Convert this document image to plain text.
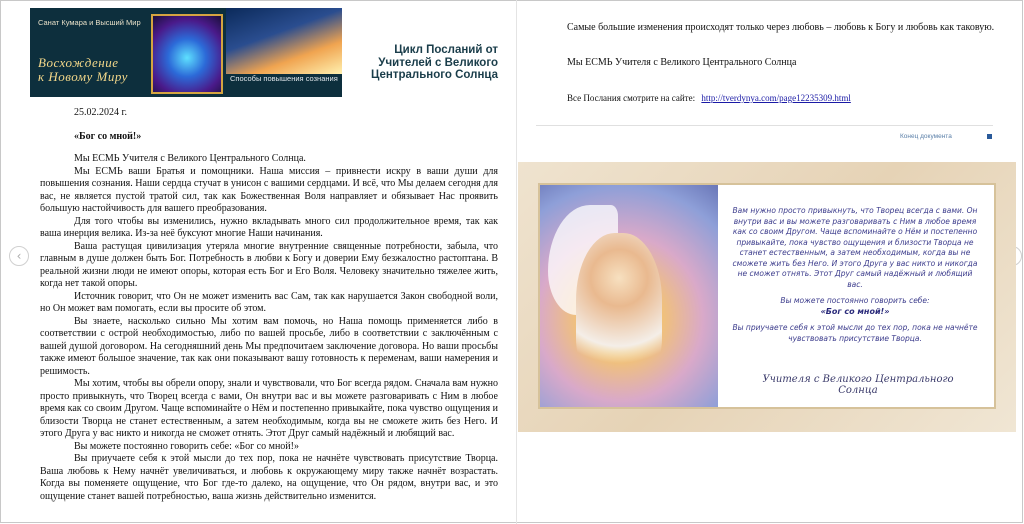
‹
Санат Кумара и Высший Мир
Восхождение
к Новому Миру	Способы повышения сознания
Цикл Посланий от Учителей с Великого Центрального Солнца
25.02.2024 г.
«Бог со мной!»

Мы ЕСМЬ Учителя с Великого Центрального Солнца.

Мы ЕСМЬ ваши Братья и помощники. Наша миссия – привнести искру в ваши души для повышения сознания. Наши сердца стучат в унисон с вашими сердцами. И всё, что Мы делаем сегодня для вас, не является пустой тратой сил, так как Божественная Воля направляет и обязывает Нас проявить большую настойчивость для вашего преобразования.

Для того чтобы вы изменились, нужно вкладывать много сил продолжительное время, так как ваша инерция велика. Из-за неё буксуют многие Наши начинания.

Ваша растущая цивилизация утеряла многие внутренние священные потребности, забыла, что главным в душе должен быть Бог. Потребность в любви к Богу и доверии Ему безжалостно растоптана. В реальной жизни люди не имеют опоры, которая есть Бог и Его Воля. Человеку значительно тяжелее жить, когда нет такой опоры.

Источник говорит, что Он не может изменить вас Сам, так как нарушается Закон свободной воли, но Он может вам помогать, если вы просите об этом.

Вы знаете, насколько сильно Мы хотим вам помочь, но Наша помощь применяется либо в соответствии с острой необходимостью, либо по вашей просьбе, либо в соответствии с заключённым с вашей душой договором. На сегодняшний день Мы предпочитаем заключение договора. Но ваши просьбы также имеют большое значение, так как они показывают вашу готовность к переменам, ваши намерения и решимость.

Мы хотим, чтобы вы обрели опору, знали и чувствовали, что Бог всегда рядом. Сначала вам нужно просто привыкнуть, что Творец всегда с вами, Он внутри вас и вы можете разговаривать с Ним в любое время как со своим Другом. Чаще вспоминайте о Нём и постепенно привыкайте, пока чувство ощущения и близости Творца не станет естественным, а затем необходимым, когда вы не сможете жить без Него. И этого Друга у вас никто и никогда не сможет отнять. Этот Друг самый надёжный и любящий вас.

Вы можете постоянно говорить себе: «Бог со мной!»

Вы приучаете себя к этой мысли до тех пор, пока не начнёте чувствовать присутствие Творца. Ваша любовь к Нему начнёт увеличиваться, и любовь к окружающему миру также начнёт возрастать. Когда вы поменяете ощущение, что Бог где-то далеко, на ощущение, что Он рядом, внутри вас, и это ощущение станет вашей потребностью, ваша жизнь действительно изменится.

Самые большие изменения происходят только через любовь – любовь к Богу и любовь как таковую.

Мы ЕСМЬ Учителя с Великого Центрального Солнца
Все Послания смотрите на сайте: http://tverdynya.com/page12235309.html
Конец документа

Вам нужно просто привыкнуть, что Творец всегда с вами. Он внутри вас и вы можете разговаривать с Ним в любое время как со своим Другом. Чаще вспоминайте о Нём и постепенно привыкайте, пока чувство ощущения и близости Творца не станет естественным, а затем необходимым, когда вы не сможете жить без Него. И этого Друга у вас никто и никогда не сможет отнять. Этот Друг самый надёжный и любящий вас.

Вы можете постоянно говорить себе:

«Бог со мной!»

Вы приучаете себя к этой мысли до тех пор, пока не начнёте чувствовать присутствие Творца.

Учителя с Великого Центрального Солнца
